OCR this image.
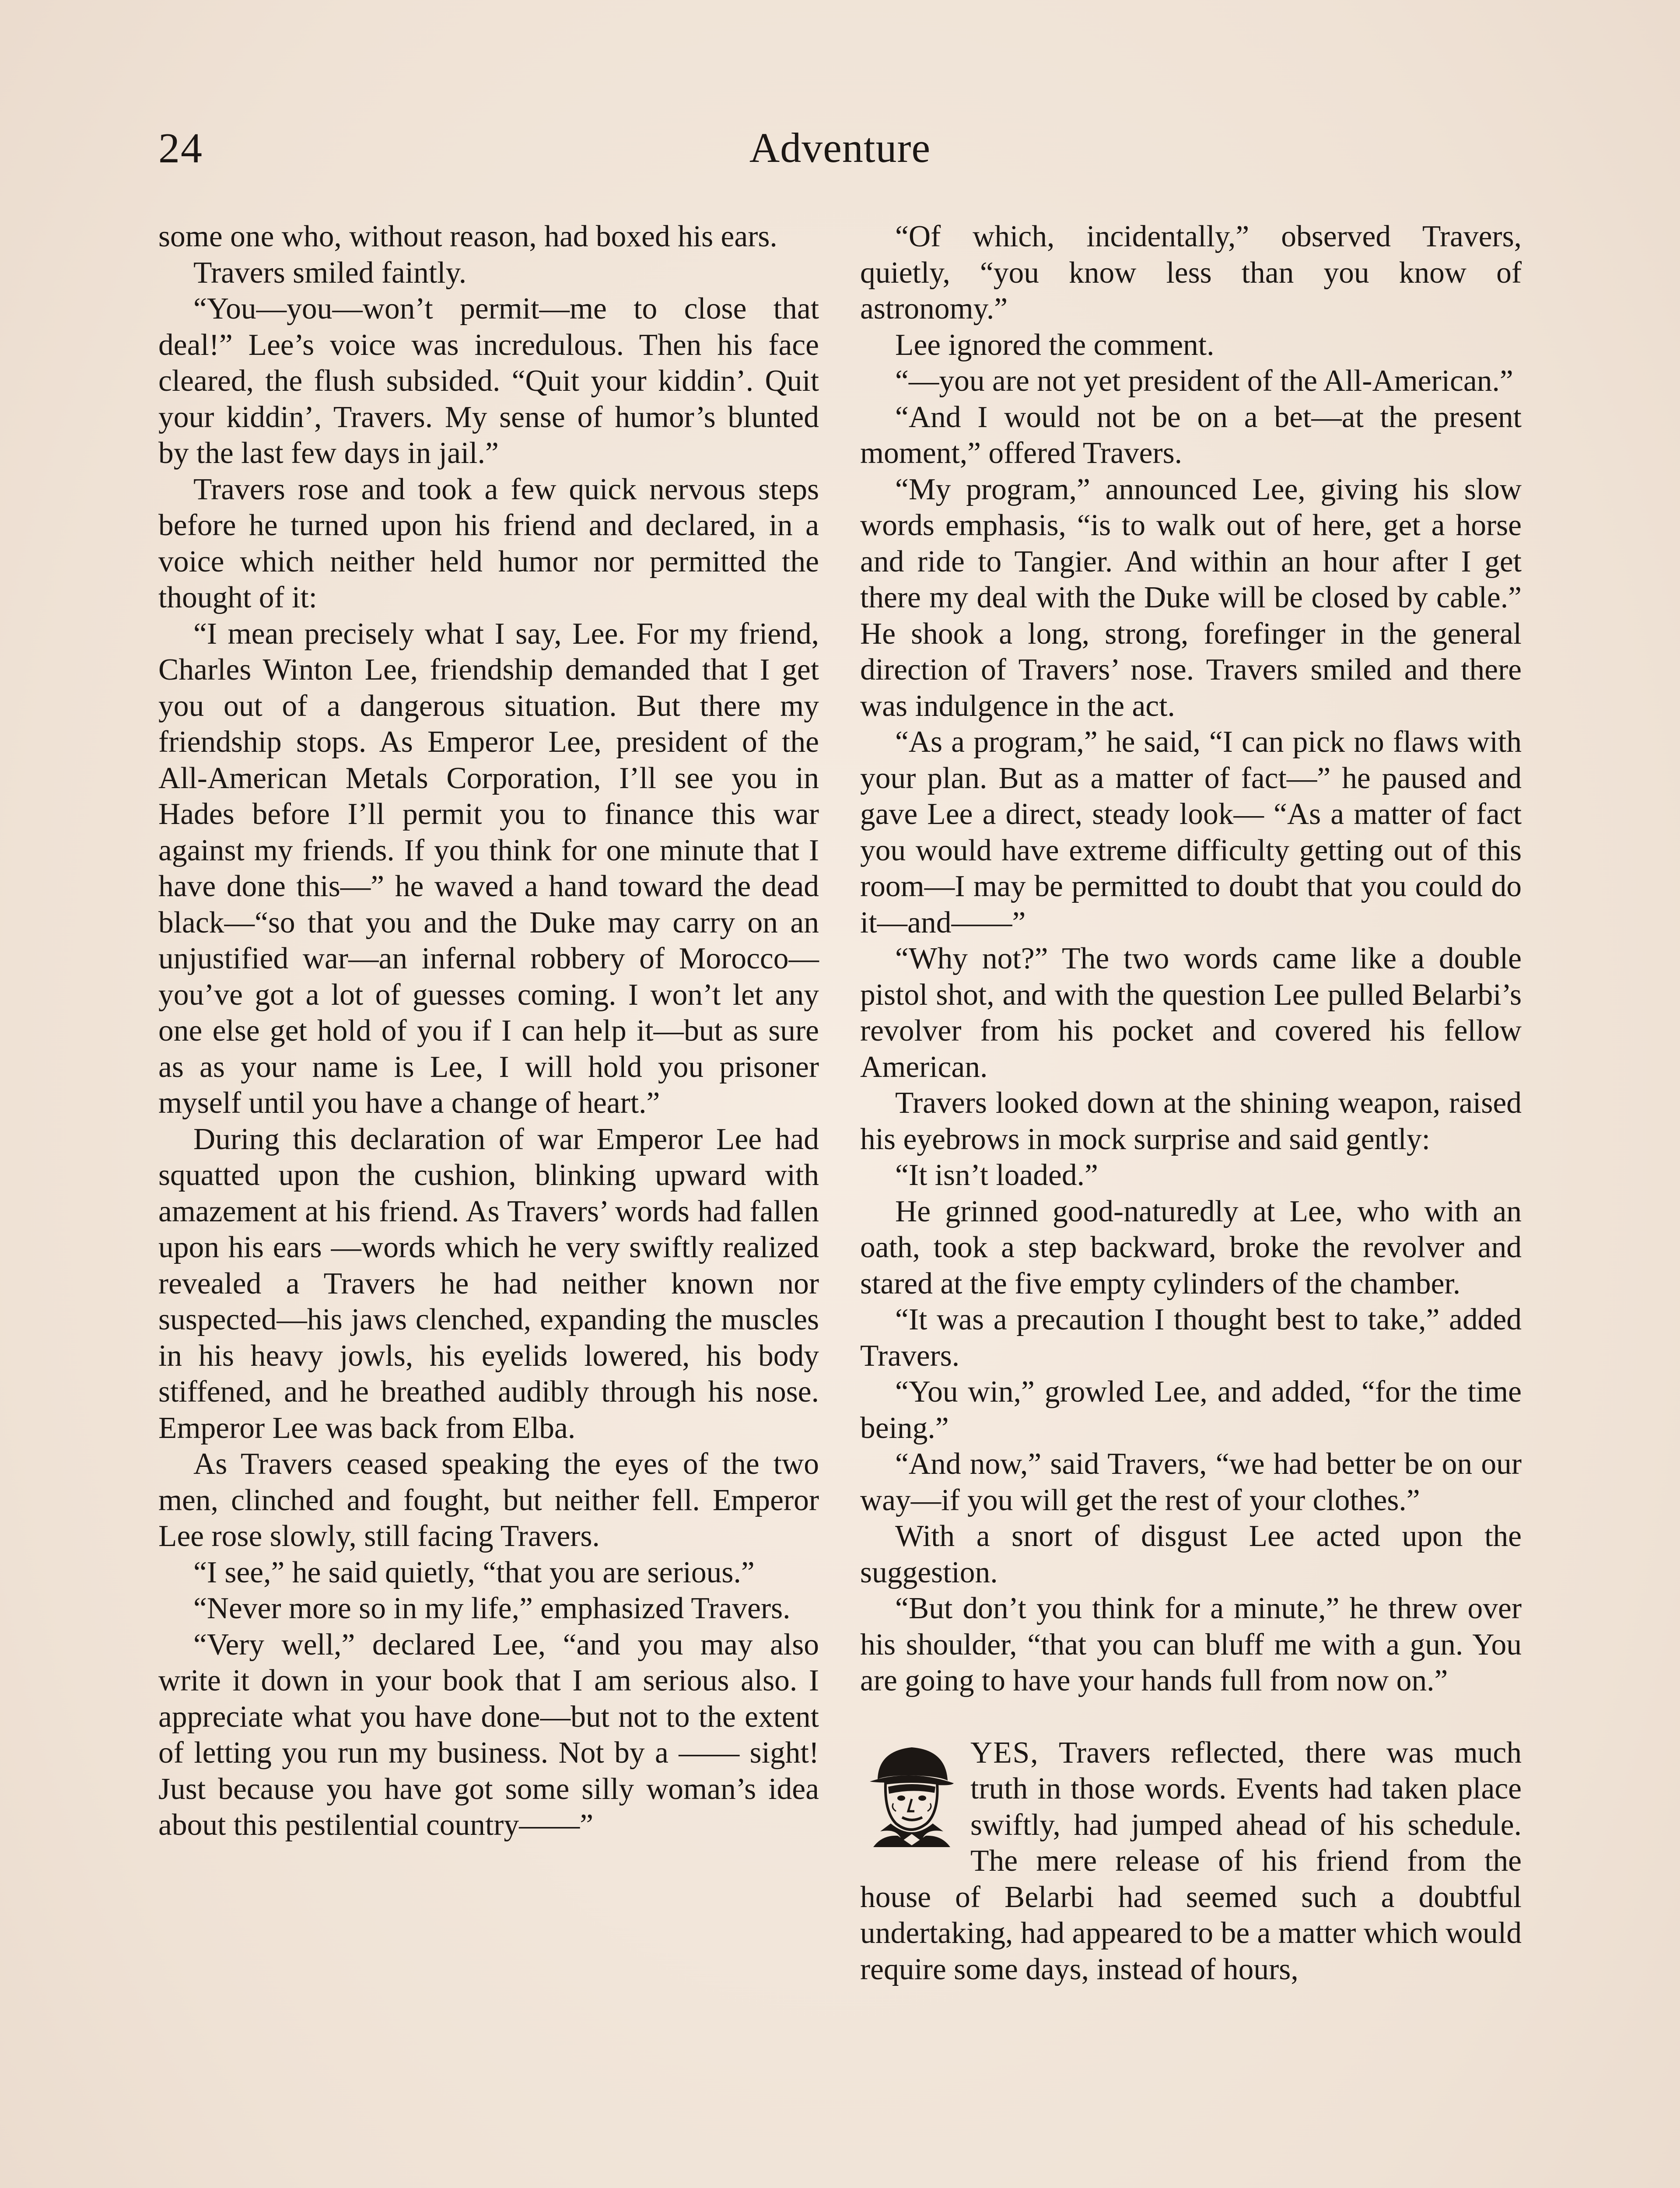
24	Adventure

some one who, without reason, had boxed his ears.

Travers smiled faintly.

“You—you—won’t permit—me to close that deal!” Lee’s voice was incredulous. Then his face cleared, the flush subsided. “Quit your kiddin’. Quit your kiddin’, Travers. My sense of humor’s blunted by the last few days in jail.”

Travers rose and took a few quick nervous steps before he turned upon his friend and declared, in a voice which neither held humor nor permitted the thought of it:

“I mean precisely what I say, Lee. For my friend, Charles Winton Lee, friendship demanded that I get you out of a dangerous situation. But there my friendship stops. As Emperor Lee, president of the All-American Metals Corporation, I’ll see you in Hades before I’ll permit you to finance this war against my friends. If you think for one minute that I have done this—” he waved a hand toward the dead black—“so that you and the Duke may carry on an unjustified war—an infernal robbery of Morocco—you’ve got a lot of guesses coming. I won’t let any one else get hold of you if I can help it—but as sure as as your name is Lee, I will hold you prisoner myself until you have a change of heart.”

During this declaration of war Emperor Lee had squatted upon the cushion, blinking upward with amazement at his friend. As Travers’ words had fallen upon his ears —words which he very swiftly realized revealed a Travers he had neither known nor suspected—his jaws clenched, expanding the muscles in his heavy jowls, his eyelids lowered, his body stiffened, and he breathed audibly through his nose. Emperor Lee was back from Elba.

As Travers ceased speaking the eyes of the two men, clinched and fought, but neither fell. Emperor Lee rose slowly, still facing Travers.

“I see,” he said quietly, “that you are serious.”

“Never more so in my life,” emphasized Travers.

“Very well,” declared Lee, “and you may also write it down in your book that I am serious also. I appreciate what you have done—but not to the extent of letting you run my business. Not by a —— sight! Just because you have got some silly woman’s idea about this pestilential country——”

“Of which, incidentally,” observed Travers, quietly, “you know less than you know of astronomy.”

Lee ignored the comment.

“—you are not yet president of the All-American.”

“And I would not be on a bet—at the present moment,” offered Travers.

“My program,” announced Lee, giving his slow words emphasis, “is to walk out of here, get a horse and ride to Tangier. And within an hour after I get there my deal with the Duke will be closed by cable.” He shook a long, strong, forefinger in the general direction of Travers’ nose. Travers smiled and there was indulgence in the act.

“As a program,” he said, “I can pick no flaws with your plan. But as a matter of fact—” he paused and gave Lee a direct, steady look— “As a matter of fact you would have extreme difficulty getting out of this room—I may be permitted to doubt that you could do it—and——”

“Why not?” The two words came like a double pistol shot, and with the question Lee pulled Belarbi’s revolver from his pocket and covered his fellow American.

Travers looked down at the shining weapon, raised his eyebrows in mock surprise and said gently:

“It isn’t loaded.”

He grinned good-naturedly at Lee, who with an oath, took a step backward, broke the revolver and stared at the five empty cylinders of the chamber.

“It was a precaution I thought best to take,” added Travers.

“You win,” growled Lee, and added, “for the time being.”

“And now,” said Travers, “we had better be on our way—if you will get the rest of your clothes.”

With a snort of disgust Lee acted upon the suggestion.

“But don’t you think for a minute,” he threw over his shoulder, “that you can bluff me with a gun. You are going to have your hands full from now on.”

YES, Travers reflected, there was much truth in those words. Events had taken place swiftly, had jumped ahead of his schedule. The mere release of his friend from the house of Belarbi had seemed such a doubtful undertaking, had appeared to be a matter which would require some days, instead of hours,
